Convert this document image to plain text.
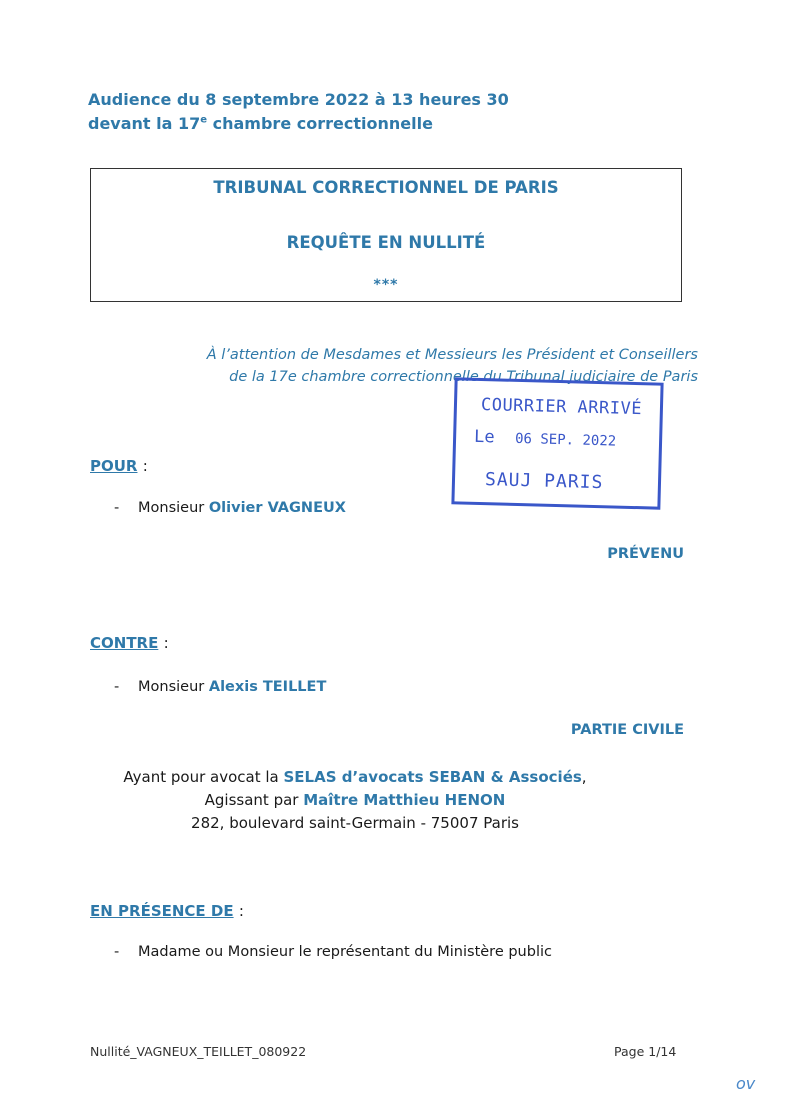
Audience du 8 septembre 2022 à 13 heures 30
devant la 17e chambre correctionnelle
TRIBUNAL CORRECTIONNEL DE PARIS
REQUÊTE EN NULLITÉ
***
À l’attention de Mesdames et Messieurs les Président et Conseillers
de la 17e chambre correctionnelle du Tribunal judiciaire de Paris
COURRIER ARRIVÉ
Le 06 SEP. 2022
SAUJ PARIS
POUR :
- Monsieur Olivier VAGNEUX
PRÉVENU
CONTRE :
- Monsieur Alexis TEILLET
PARTIE CIVILE
Ayant pour avocat la SELAS d’avocats SEBAN & Associés,
Agissant par Maître Matthieu HENON
282, boulevard saint-Germain - 75007 Paris
EN PRÉSENCE DE :
- Madame ou Monsieur le représentant du Ministère public
Nullité_VAGNEUX_TEILLET_080922	Page 1/14
ov
